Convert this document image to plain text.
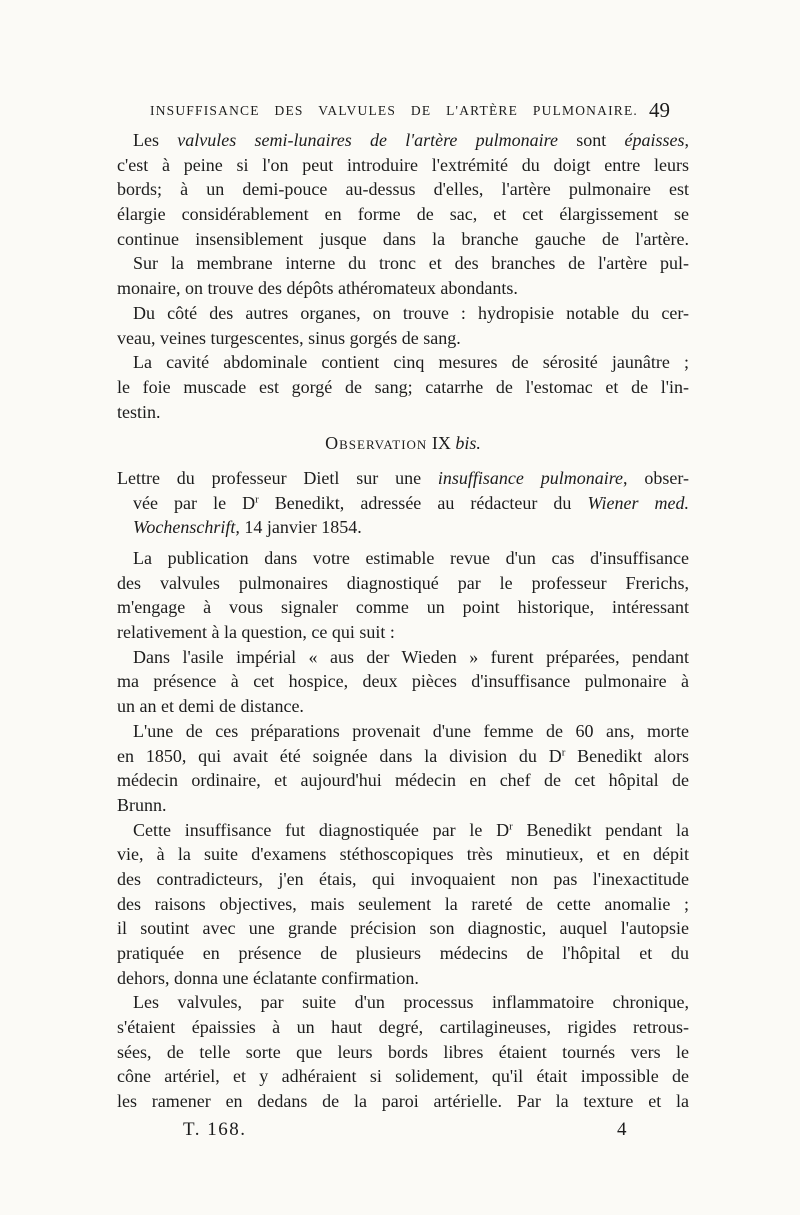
INSUFFISANCE DES VALVULES DE L'ARTÈRE PULMONAIRE. 49
Les valvules semi-lunaires de l'artère pulmonaire sont épaisses,
c'est à peine si l'on peut introduire l'extrémité du doigt entre leurs
bords; à un demi-pouce au-dessus d'elles, l'artère pulmonaire est
élargie considérablement en forme de sac, et cet élargissement se
continue insensiblement jusque dans la branche gauche de l'artère.
Sur la membrane interne du tronc et des branches de l'artère pul-
monaire, on trouve des dépôts athéromateux abondants.
Du côté des autres organes, on trouve : hydropisie notable du cer-
veau, veines turgescentes, sinus gorgés de sang.
La cavité abdominale contient cinq mesures de sérosité jaunâtre ;
le foie muscade est gorgé de sang; catarrhe de l'estomac et de l'in-
testin.
Observation IX bis.
Lettre du professeur Dietl sur une insuffisance pulmonaire, obser-
vée par le $D^r$ Benedikt, adressée au rédacteur du Wiener med.
Wochenschrift, 14 janvier 1854.
La publication dans votre estimable revue d'un cas d'insuffisance
des valvules pulmonaires diagnostiqué par le professeur Frerichs,
m'engage à vous signaler comme un point historique, intéressant
relativement à la question, ce qui suit :
Dans l'asile impérial « aus der Wieden » furent préparées, pendant
ma présence à cet hospice, deux pièces d'insuffisance pulmonaire à
un an et demi de distance.
L'une de ces préparations provenait d'une femme de 60 ans, morte
en 1850, qui avait été soignée dans la division du $D^r$ Benedikt alors
médecin ordinaire, et aujourd'hui médecin en chef de cet hôpital de
Brunn.
Cette insuffisance fut diagnostiquée par le $D^r$ Benedikt pendant la
vie, à la suite d'examens stéthoscopiques très minutieux, et en dépit
des contradicteurs, j'en étais, qui invoquaient non pas l'inexactitude
des raisons objectives, mais seulement la rareté de cette anomalie ;
il soutint avec une grande précision son diagnostic, auquel l'autopsie
pratiquée en présence de plusieurs médecins de l'hôpital et du
dehors, donna une éclatante confirmation.
Les valvules, par suite d'un processus inflammatoire chronique,
s'étaient épaissies à un haut degré, cartilagineuses, rigides retrous-
sées, de telle sorte que leurs bords libres étaient tournés vers le
cône artériel, et y adhéraient si solidement, qu'il était impossible de
les ramener en dedans de la paroi artérielle. Par la texture et la
T. 168.	4
